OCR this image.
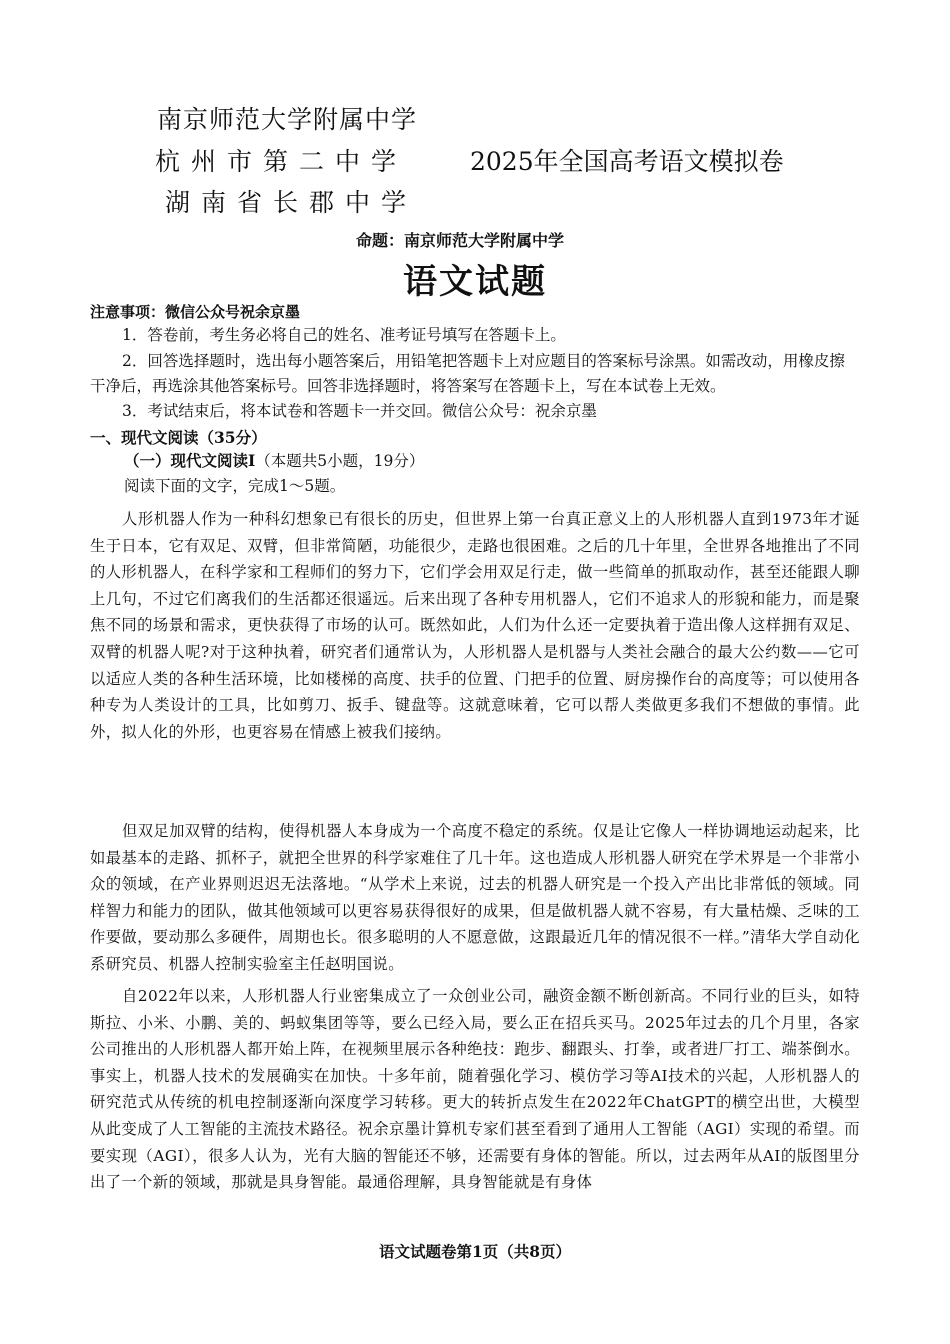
南京师范大学附属中学
杭州市第二中学
湖南省长郡中学
2025年全国高考语文模拟卷
命题：南京师范大学附属中学
语文试题
注意事项：微信公众号祝余京墨
1．答卷前，考生务必将自己的姓名、准考证号填写在答题卡上。
2．回答选择题时，选出每小题答案后，用铅笔把答题卡上对应题目的答案标号涂黑。如需改动，用橡皮擦干净后，再选涂其他答案标号。回答非选择题时，将答案写在答题卡上，写在本试卷上无效。
3．考试结束后，将本试卷和答题卡一并交回。微信公众号：祝余京墨
一、现代文阅读（35分）
（一）现代文阅读Ⅰ（本题共5小题，19分）
阅读下面的文字，完成1～5题。
人形机器人作为一种科幻想象已有很长的历史，但世界上第一台真正意义上的人形机器人直到1973年才诞生于日本，它有双足、双臂，但非常简陋，功能很少，走路也很困难。之后的几十年里，全世界各地推出了不同的人形机器人，在科学家和工程师们的努力下，它们学会用双足行走，做一些简单的抓取动作，甚至还能跟人聊上几句，不过它们离我们的生活都还很遥远。后来出现了各种专用机器人，它们不追求人的形貌和能力，而是聚焦不同的场景和需求，更快获得了市场的认可。既然如此，人们为什么还一定要执着于造出像人这样拥有双足、双臂的机器人呢?对于这种执着，研究者们通常认为，人形机器人是机器与人类社会融合的最大公约数——它可以适应人类的各种生活环境，比如楼梯的高度、扶手的位置、门把手的位置、厨房操作台的高度等；可以使用各种专为人类设计的工具，比如剪刀、扳手、键盘等。这就意味着，它可以帮人类做更多我们不想做的事情。此外，拟人化的外形，也更容易在情感上被我们接纳。
但双足加双臂的结构，使得机器人本身成为一个高度不稳定的系统。仅是让它像人一样协调地运动起来，比如最基本的走路、抓杯子，就把全世界的科学家难住了几十年。这也造成人形机器人研究在学术界是一个非常小众的领域，在产业界则迟迟无法落地。“从学术上来说，过去的机器人研究是一个投入产出比非常低的领域。同样智力和能力的团队，做其他领域可以更容易获得很好的成果，但是做机器人就不容易，有大量枯燥、乏味的工作要做，要动那么多硬件，周期也长。很多聪明的人不愿意做，这跟最近几年的情况很不一样。”清华大学自动化系研究员、机器人控制实验室主任赵明国说。
自2022年以来，人形机器人行业密集成立了一众创业公司，融资金额不断创新高。不同行业的巨头，如特斯拉、小米、小鹏、美的、蚂蚁集团等等，要么已经入局，要么正在招兵买马。2025年过去的几个月里，各家公司推出的人形机器人都开始上阵，在视频里展示各种绝技：跑步、翻跟头、打拳，或者进厂打工、端茶倒水。事实上，机器人技术的发展确实在加快。十多年前，随着强化学习、模仿学习等AI技术的兴起，人形机器人的研究范式从传统的机电控制逐渐向深度学习转移。更大的转折点发生在2022年ChatGPT的横空出世，大模型从此变成了人工智能的主流技术路径。祝余京墨计算机专家们甚至看到了通用人工智能（AGI）实现的希望。而要实现（AGI），很多人认为，光有大脑的智能还不够，还需要有身体的智能。所以，过去两年从AI的版图里分出了一个新的领域，那就是具身智能。最通俗理解，具身智能就是有身体
语文试题卷第1页（共8页）
